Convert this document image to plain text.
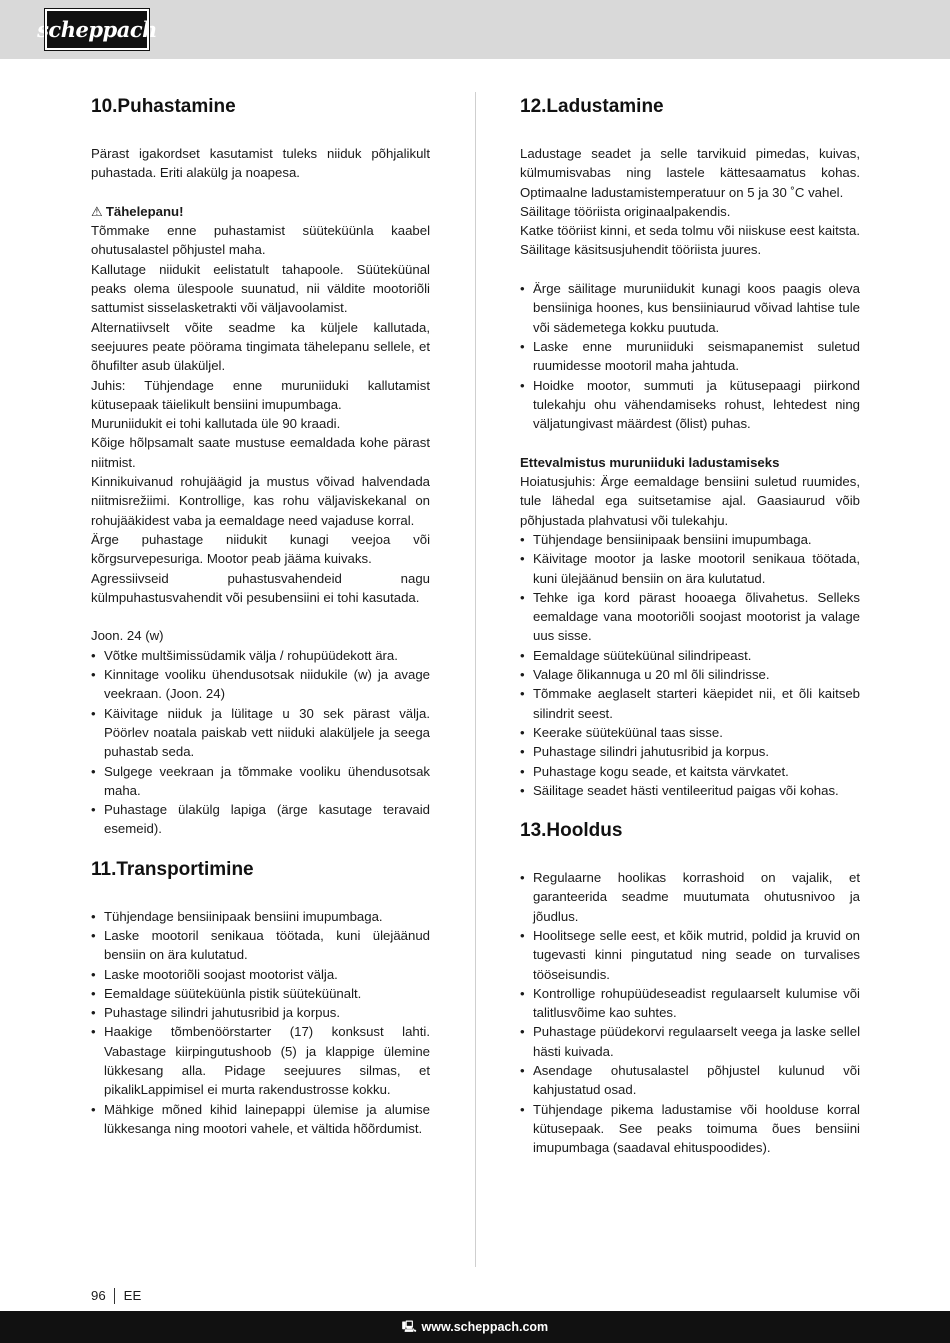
scheppach
10.Puhastamine

Pärast igakordset kasutamist tuleks niiduk põhjalikult puhastada. Eriti alakülg ja noapesa.

⚠ Tähelepanu!

Tõmmake enne puhastamist süüteküünla kaabel ohutusalastel põhjustel maha.

Kallutage niidukit eelistatult tahapoole. Süüteküünal peaks olema ülespoole suunatud, nii väldite mootoriõli sattumist sisselasketrakti või väljavoolamist.

Alternatiivselt võite seadme ka küljele kallutada, seejuures peate pöörama tingimata tähelepanu sellele, et õhufilter asub ülaküljel.

Juhis: Tühjendage enne muruniiduki kallutamist kütusepaak täielikult bensiini imupumbaga.

Muruniidukit ei tohi kallutada üle 90 kraadi.

Kõige hõlpsamalt saate mustuse eemaldada kohe pärast niitmist.

Kinnikuivanud rohujäägid ja mustus võivad halvendada niitmisrežiimi. Kontrollige, kas rohu väljaviskekanal on rohujääkidest vaba ja eemaldage need vajaduse korral.

Ärge puhastage niidukit kunagi veejoa või kõrgsurvepesuriga. Mootor peab jääma kuivaks.

Agressiivseid puhastusvahendeid nagu külmpuhastusvahendit või pesubensiini ei tohi kasutada.

Joon. 24 (w)

• Võtke multšimissüdamik välja / rohupüüdekott ära.
• Kinnitage vooliku ühendusotsak niidukile (w) ja avage veekraan. (Joon. 24)
• Käivitage niiduk ja lülitage u 30 sek pärast välja. Pöörlev noatala paiskab vett niiduki alaküljele ja seega puhastab seda.
• Sulgege veekraan ja tõmmake vooliku ühendusotsak maha.
• Puhastage ülakülg lapiga (ärge kasutage teravaid esemeid).
11.Transportimine
• Tühjendage bensiinipaak bensiini imupumbaga.
• Laske mootoril senikaua töötada, kuni ülejäänud bensiin on ära kulutatud.
• Laske mootoriõli soojast mootorist välja.
• Eemaldage süüteküünla pistik süüteküünalt.
• Puhastage silindri jahutusribid ja korpus.
• Haakige tõmbenöörstarter (17) konksust lahti. Vabastage kiirpingutushoob (5) ja klappige ülemine lükkesang alla. Pidage seejuures silmas, et pikalikLappimisel ei murta rakendustrosse kokku.
• Mähkige mõned kihid lainepappi ülemise ja alumise lükkesanga ning mootori vahele, et vältida hõõrdumist.
12.Ladustamine

Ladustage seadet ja selle tarvikuid pimedas, kuivas, külmumisvabas ning lastele kättesaamatus kohas. Optimaalne ladustamistemperatuur on 5 ja 30 ˚C vahel.

Säilitage tööriista originaalpakendis.

Katke tööriist kinni, et seda tolmu või niiskuse eest kaitsta. Säilitage käsitsusjuhendit tööriista juures.

• Ärge säilitage muruniidukit kunagi koos paagis oleva bensiiniga hoones, kus bensiiniaurud võivad lahtise tule või sädemetega kokku puutuda.
• Laske enne muruniiduki seismapanemist suletud ruumidesse mootoril maha jahtuda.
• Hoidke mootor, summuti ja kütusepaagi piirkond tulekahju ohu vähendamiseks rohust, lehtedest ning väljatungivast määrdest (õlist) puhas.
Ettevalmistus muruniiduki ladustamiseks

Hoiatusjuhis: Ärge eemaldage bensiini suletud ruumides, tule lähedal ega suitsetamise ajal. Gaasiaurud võib põhjustada plahvatusi või tulekahju.

• Tühjendage bensiinipaak bensiini imupumbaga.
• Käivitage mootor ja laske mootoril senikaua töötada, kuni ülejäänud bensiin on ära kulutatud.
• Tehke iga kord pärast hooaega õlivahetus. Selleks eemaldage vana mootoriõli soojast mootorist ja valage uus sisse.
• Eemaldage süüteküünal silindripeast.
• Valage õlikannuga u 20 ml õli silindrisse.
• Tõmmake aeglaselt starteri käepidet nii, et õli kaitseb silindrit seest.
• Keerake süüteküünal taas sisse.
• Puhastage silindri jahutusribid ja korpus.
• Puhastage kogu seade, et kaitsta värvkatet.
• Säilitage seadet hästi ventileeritud paigas või kohas.
13.Hooldus
• Regulaarne hoolikas korrashoid on vajalik, et garanteerida seadme muutumata ohutusnivoo ja jõudlus.
• Hoolitsege selle eest, et kõik mutrid, poldid ja kruvid on tugevasti kinni pingutatud ning seade on turvalises tööseisundis.
• Kontrollige rohupüüdeseadist regulaarselt kulumise või talitlusvõime kao suhtes.
• Puhastage püüdekorvi regulaarselt veega ja laske sellel hästi kuivada.
• Asendage ohutusalastel põhjustel kulunud või kahjustatud osad.
• Tühjendage pikema ladustamise või hoolduse korral kütusepaak. See peaks toimuma õues bensiini imupumbaga (saadaval ehituspoodides).
96 EE
🖳 www.scheppach.com
